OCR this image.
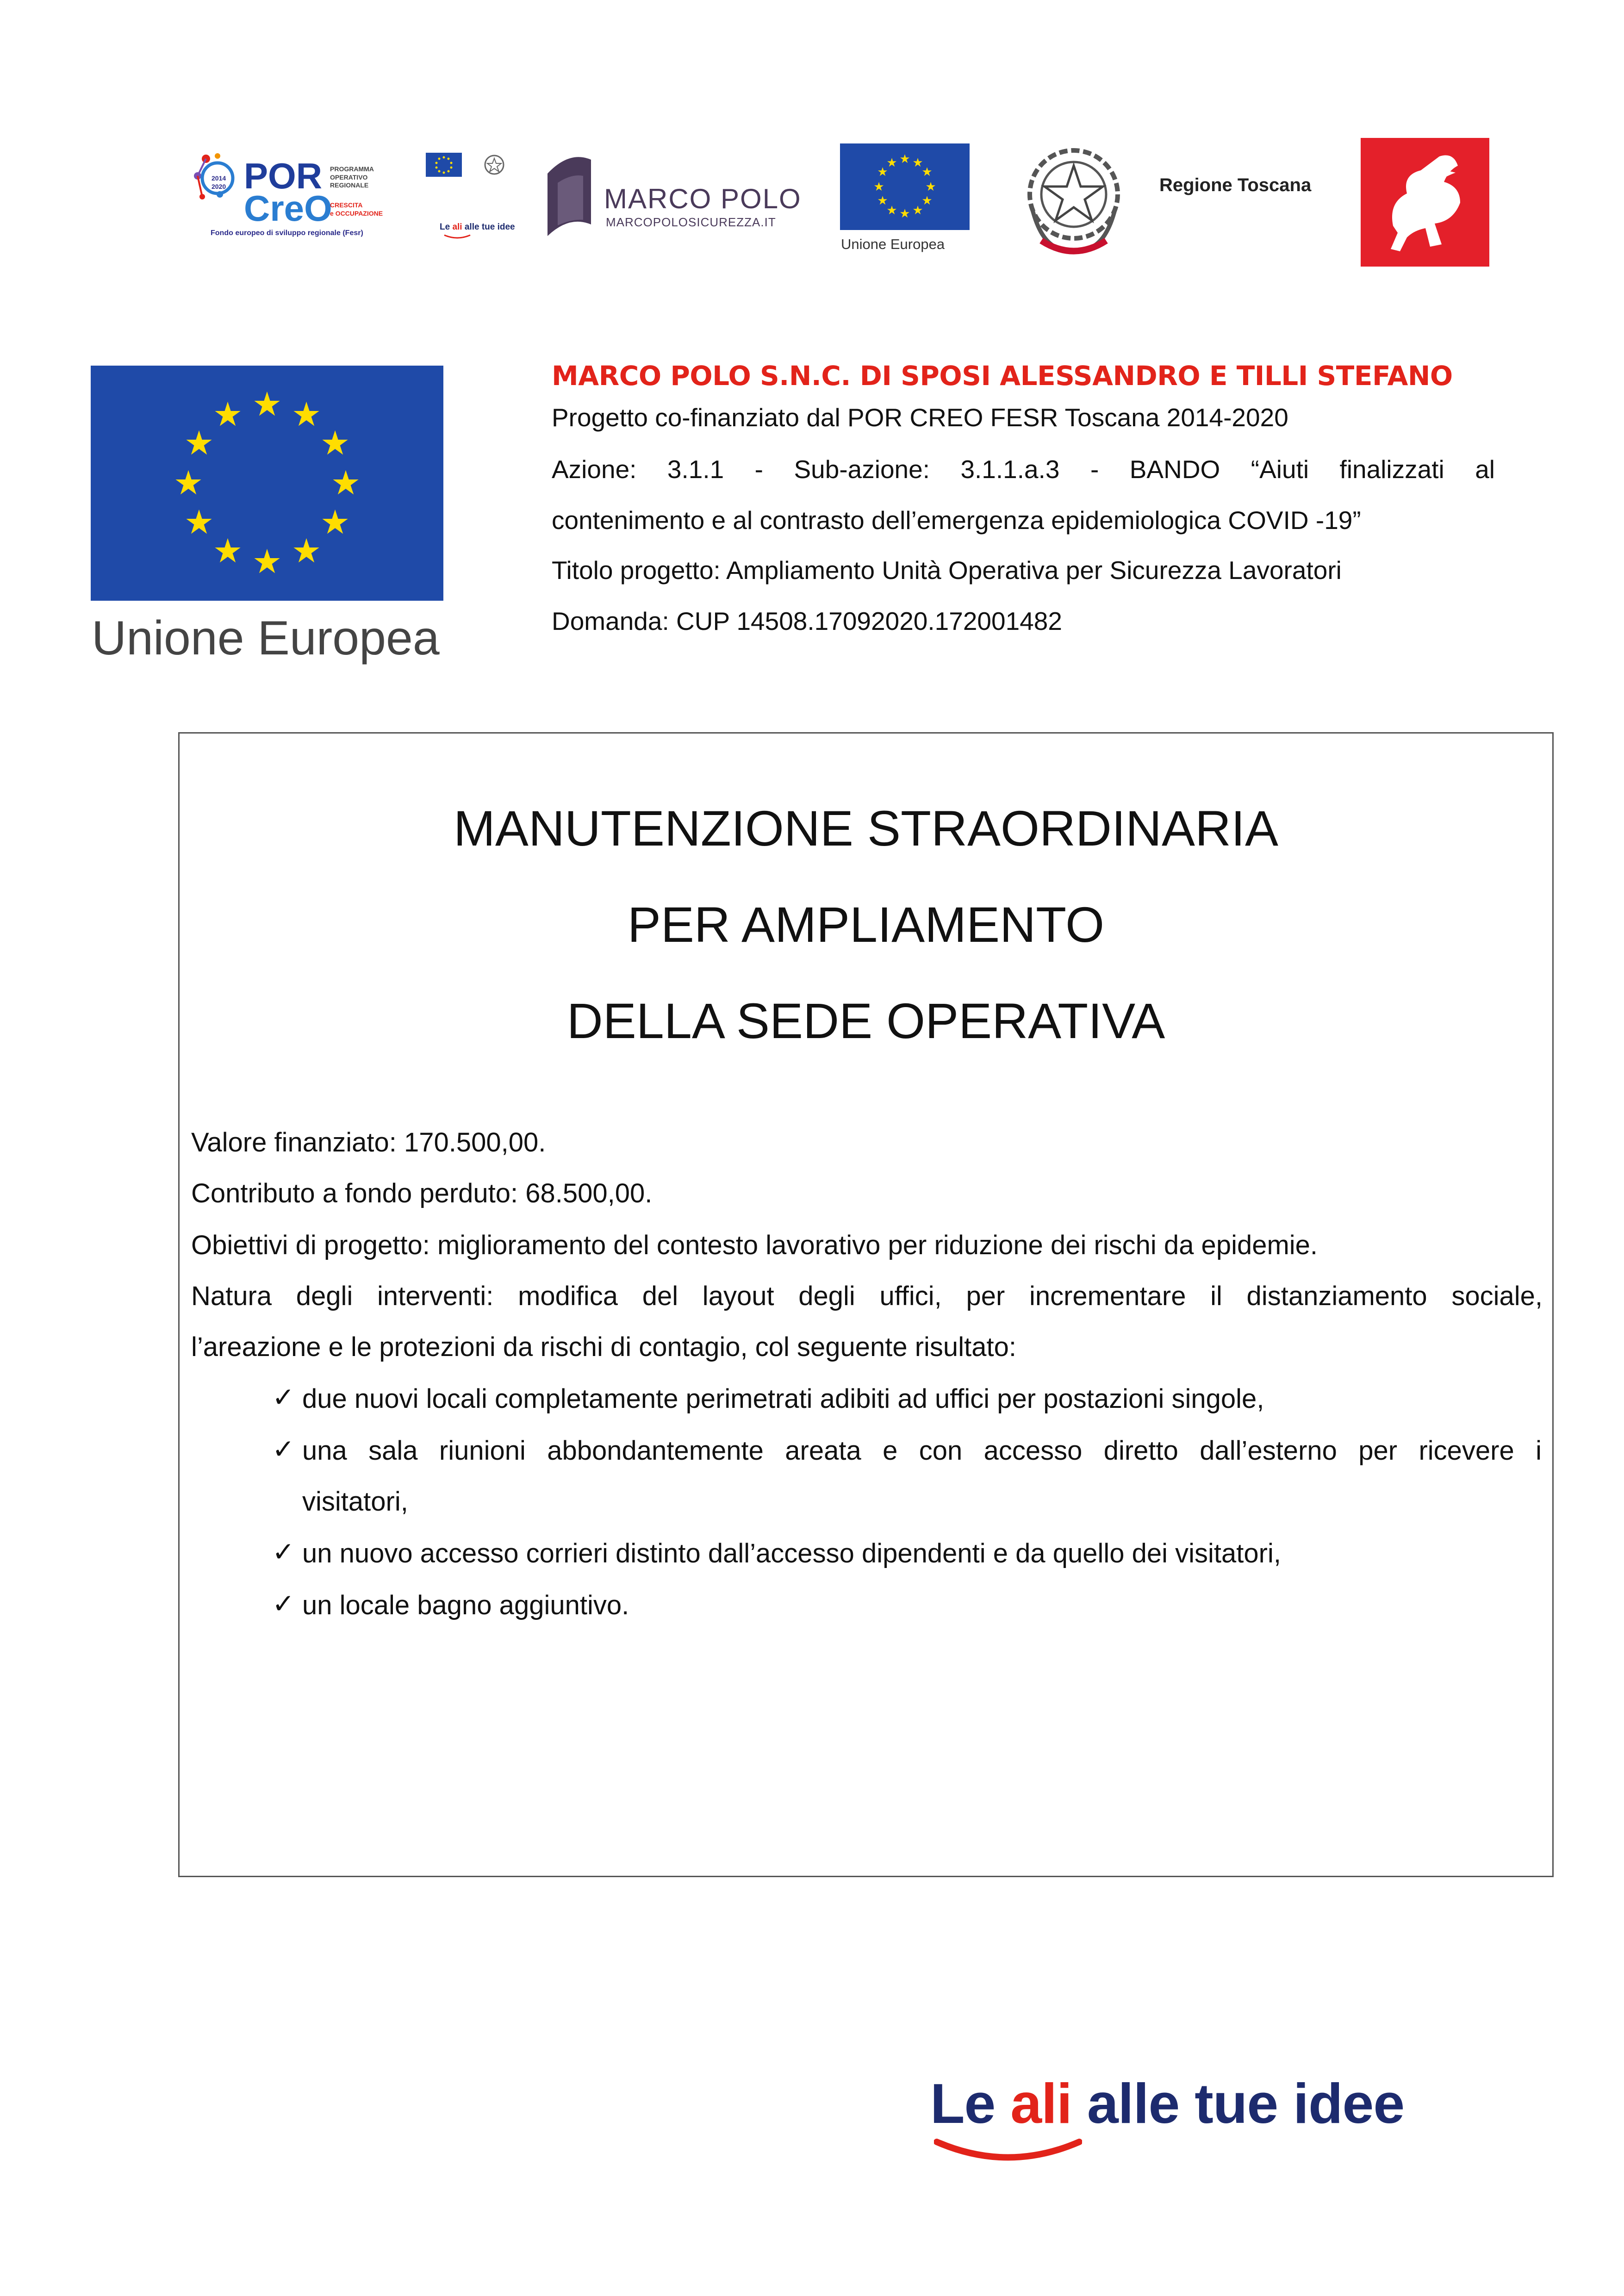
2014
2020 POR
CreO
PROGRAMMA
OPERATIVO REGIONALE
CRESCITA
e OCCUPAZIONE
Fondo europeo di sviluppo regionale (Fesr)
Le ali alle tue idee
MARCO POLO
MARCOPOLOSICUREZZA.IT
★ ★
★
★
★
★
★
★
★
★
★
★
Unione Europea
Regione Toscana
★ ★
★
★
★
★
★
★
★
★
★
★
Unione Europea
MARCO POLO S.N.C. DI SPOSI ALESSANDRO E TILLI STEFANO
Progetto co-finanziato dal POR CREO FESR Toscana 2014-2020
Azione: 3.1.1 - Sub-azione: 3.1.1.a.3 - BANDO “Aiuti finalizzati al
contenimento e al contrasto dell’emergenza epidemiologica COVID -19”
Titolo progetto: Ampliamento Unità Operativa per Sicurezza Lavoratori
Domanda: CUP 14508.17092020.172001482
MANUTENZIONE STRAORDINARIA
PER AMPLIAMENTO
DELLA SEDE OPERATIVA
Valore finanziato: 170.500,00.
Contributo a fondo perduto: 68.500,00.
Obiettivi di progetto: miglioramento del contesto lavorativo per riduzione dei rischi da epidemie.
Natura degli interventi: modifica del layout degli uffici, per incrementare il distanziamento sociale,
l’areazione e le protezioni da rischi di contagio, col seguente risultato:
✓ due nuovi locali completamente perimetrati adibiti ad uffici per postazioni singole,
✓ una sala riunioni abbondantemente areata e con accesso diretto dall’esterno per ricevere i
visitatori,
✓ un nuovo accesso corrieri distinto dall’accesso dipendenti e da quello dei visitatori,
✓ un locale bagno aggiuntivo.
Le ali alle tue idee
